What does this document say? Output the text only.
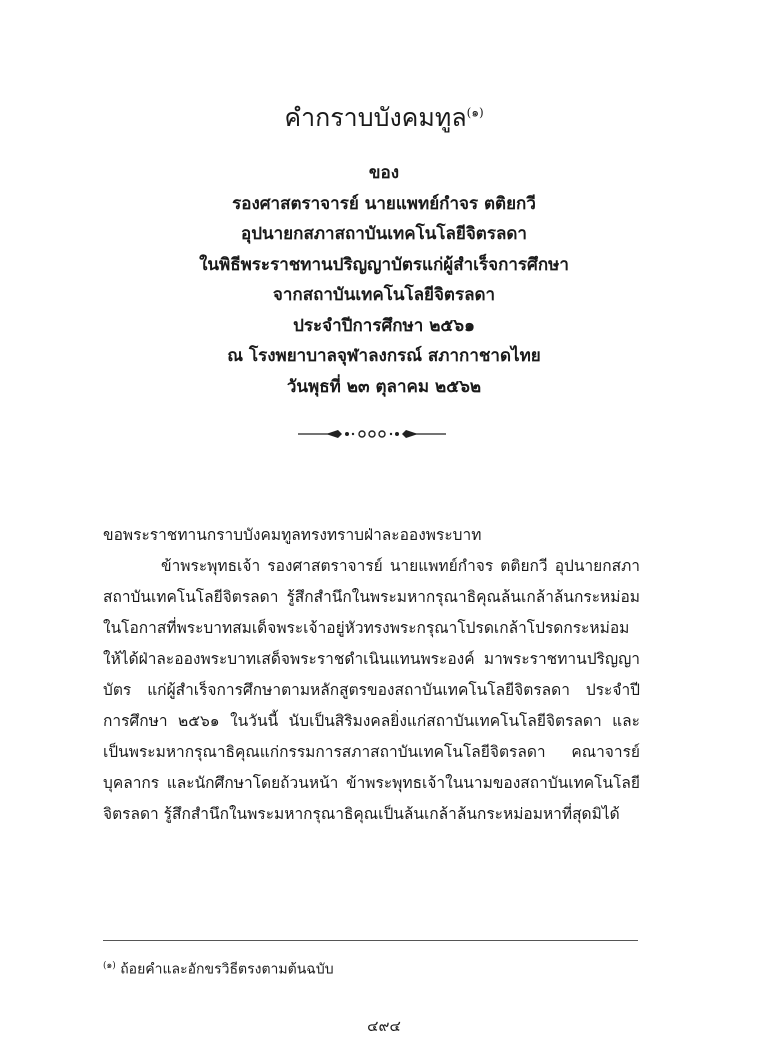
คำกราบบังคมทูล$^{(๑)}$
ของ
รองศาสตราจารย์ นายแพทย์กำจร ตติยกวี
อุปนายกสภาสถาบันเทคโนโลยีจิตรลดา
ในพิธีพระราชทานปริญญาบัตรแก่ผู้สำเร็จการศึกษา
จากสถาบันเทคโนโลยีจิตรลดา
ประจำปีการศึกษา ๒๕๖๑
ณ โรงพยาบาลจุฬาลงกรณ์ สภากาชาดไทย
วันพุธที่ ๒๓ ตุลาคม ๒๕๖๒

ขอพระราชทานกราบบังคมทูลทรงทราบฝ่าละอองพระบาท

ข้าพระพุทธเจ้า รองศาสตราจารย์ นายแพทย์กำจร ตติยกวี อุปนายกสภาสถาบันเทคโนโลยีจิตรลดา รู้สึกสำนึกในพระมหากรุณาธิคุณล้นเกล้าล้นกระหม่อม ในโอกาสที่พระบาทสมเด็จพระเจ้าอยู่หัวทรงพระกรุณาโปรดเกล้าโปรดกระหม่อม ให้ได้ฝ่าละอองพระบาทเสด็จพระราชดำเนินแทนพระองค์ มาพระราชทานปริญญาบัตร แก่ผู้สำเร็จการศึกษาตามหลักสูตรของสถาบันเทคโนโลยีจิตรลดา ประจำปีการศึกษา ๒๕๖๑ ในวันนี้ นับเป็นสิริมงคลยิ่งแก่สถาบันเทคโนโลยีจิตรลดา และเป็นพระมหากรุณาธิคุณแก่กรรมการสภาสถาบันเทคโนโลยีจิตรลดา คณาจารย์ บุคลากร และนักศึกษาโดยถ้วนหน้า ข้าพระพุทธเจ้าในนามของสถาบันเทคโนโลยีจิตรลดา รู้สึกสำนึกในพระมหากรุณาธิคุณเป็นล้นเกล้าล้นกระหม่อมหาที่สุดมิได้

$^{(๑)}$ ถ้อยคำและอักขรวิธีตรงตามต้นฉบับ
๔๙๔
